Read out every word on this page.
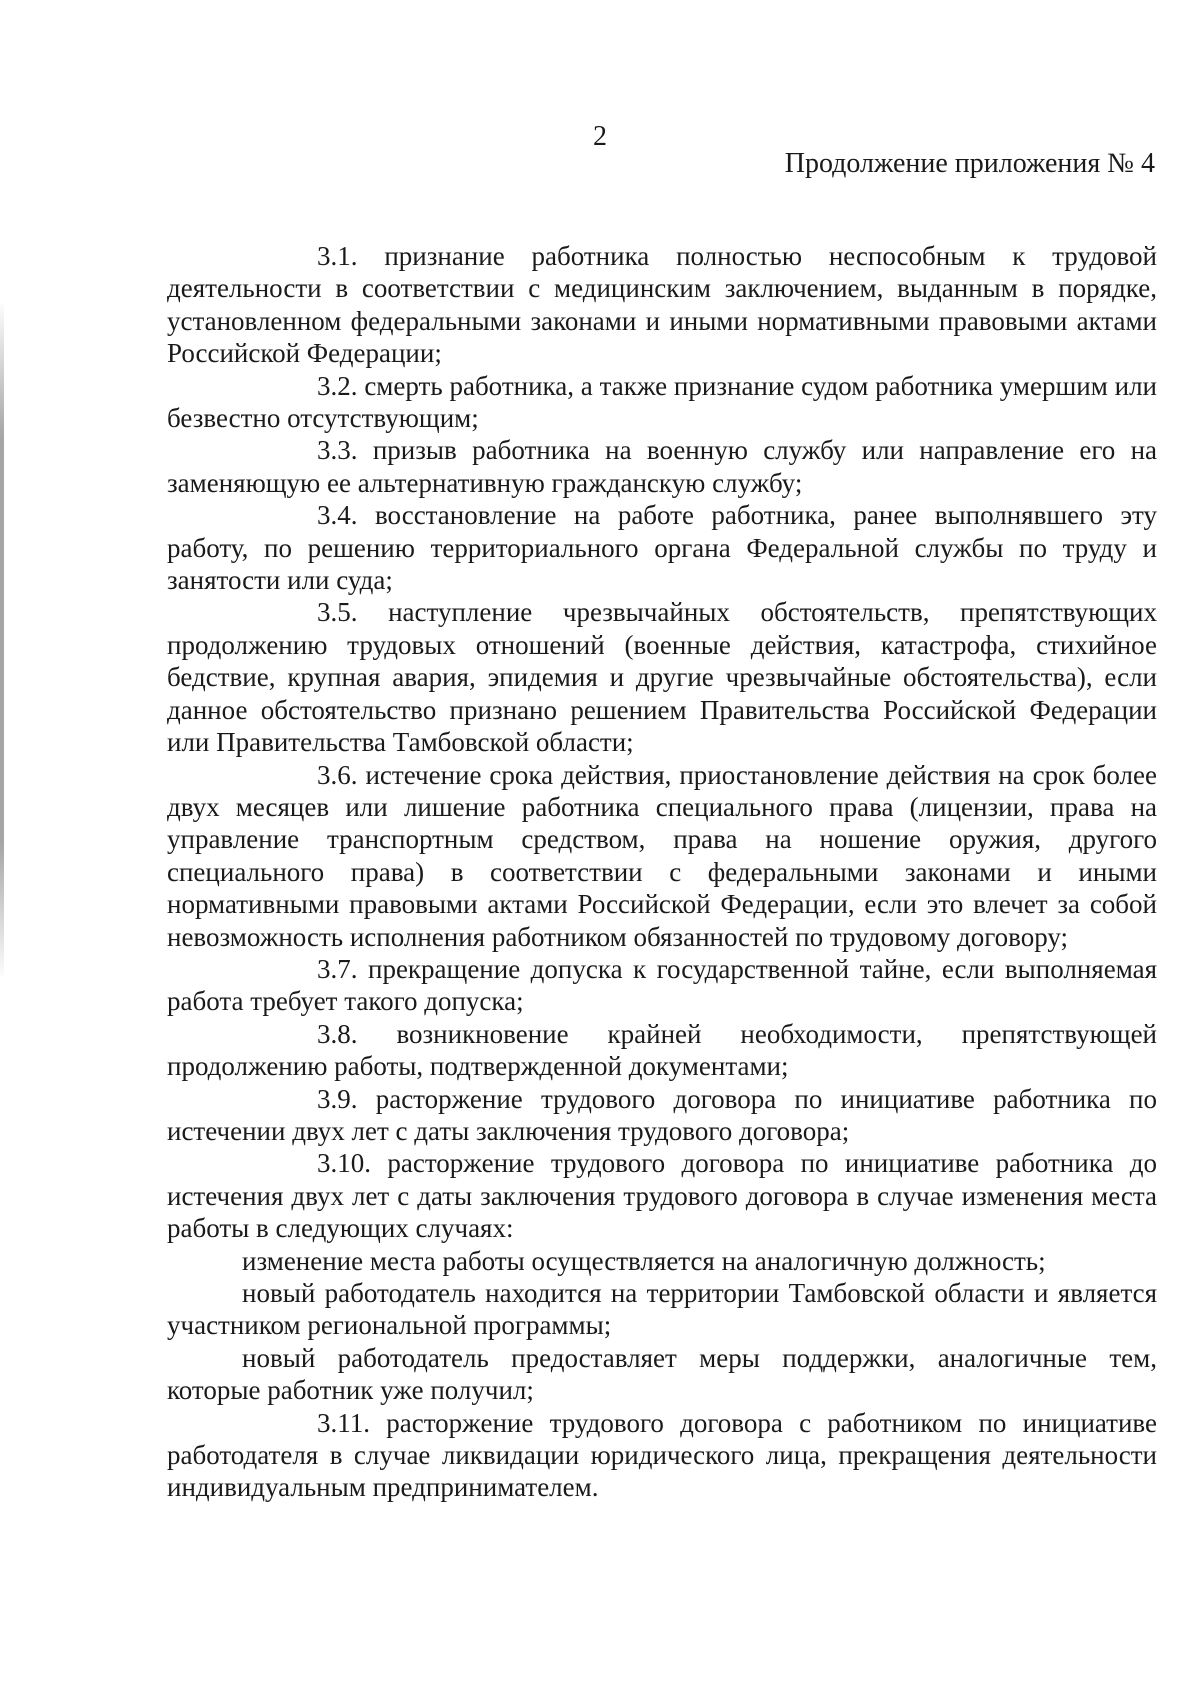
2
Продолжение приложения № 4

3.1. признание работника полностью неспособным к трудовой деятельности в соответствии с медицинским заключением, выданным в порядке, установленном федеральными законами и иными нормативными правовыми актами Российской Федерации;

3.2. смерть работника, а также признание судом работника умершим или безвестно отсутствующим;

3.3. призыв работника на военную службу или направление его на заменяющую ее альтернативную гражданскую службу;

3.4. восстановление на работе работника, ранее выполнявшего эту работу, по решению территориального органа Федеральной службы по труду и занятости или суда;

3.5. наступление чрезвычайных обстоятельств, препятствующих продолжению трудовых отношений (военные действия, катастрофа, стихийное бедствие, крупная авария, эпидемия и другие чрезвычайные обстоятельства), если данное обстоятельство признано решением Правительства Российской Федерации или Правительства Тамбовской области;

3.6. истечение срока действия, приостановление действия на срок более двух месяцев или лишение работника специального права (лицензии, права на управление транспортным средством, права на ношение оружия, другого специального права) в соответствии с федеральными законами и иными нормативными правовыми актами Российской Федерации, если это влечет за собой невозможность исполнения работником обязанностей по трудовому договору;

3.7. прекращение допуска к государственной тайне, если выполняемая работа требует такого допуска;

3.8. возникновение крайней необходимости, препятствующей продолжению работы, подтвержденной документами;

3.9. расторжение трудового договора по инициативе работника по истечении двух лет с даты заключения трудового договора;

3.10. расторжение трудового договора по инициативе работника до истечения двух лет с даты заключения трудового договора в случае изменения места работы в следующих случаях:

изменение места работы осуществляется на аналогичную должность;

новый работодатель находится на территории Тамбовской области и является участником региональной программы;

новый работодатель предоставляет меры поддержки, аналогичные тем, которые работник уже получил;

3.11. расторжение трудового договора с работником по инициативе работодателя в случае ликвидации юридического лица, прекращения деятельности индивидуальным предпринимателем.
